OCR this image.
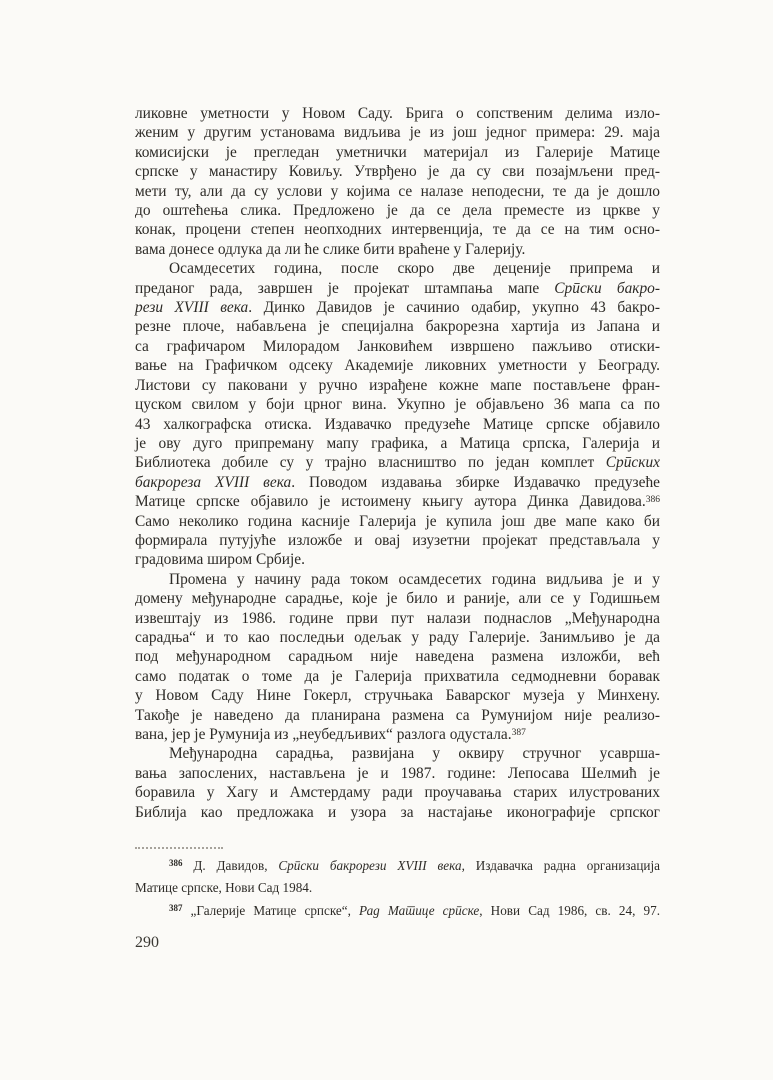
ликовне уметности у Новом Саду. Брига о сопственим делима изло-
женим у другим установама видљива је из још једног примера: 29. маја
комисијски је прегледан уметнички материјал из Галерије Матице
српске у манастиру Ковиљу. Утврђено је да су сви позајмљени пред-
мети ту, али да су услови у којима се налазе неподесни, те да је дошло
до оштећења слика. Предложено је да се дела преместе из цркве у
конак, процени степен неопходних интервенција, те да се на тим осно-
вама донесе одлука да ли ће слике бити враћене у Галерију.
Осамдесетих година, после скоро две деценије припрема и
преданог рада, завршен је пројекат штампања мапе Српски бакро-
рези XVIII века. Динко Давидов је сачинио одабир, укупно 43 бакро-
резне плоче, набављена је специјална бакрорезна хартија из Јапана и
са графичаром Милорадом Јанковићем извршено пажљиво отиски-
вање на Графичком одсеку Академије ликовних уметности у Београду.
Листови су паковани у ручно израђене кожне мапе постављене фран-
цуском свилом у боји црног вина. Укупно је објављено 36 мапа са по
43 халкографска отиска. Издавачко предузеће Матице српске објавило
је ову дуго припреману мапу графика, а Матица српска, Галерија и
Библиотека добиле су у трајно власништво по један комплет Српских
бакрореза XVIII века. Поводом издавања збирке Издавачко предузеће
Матице српске објавило је истоимену књигу аутора Динка Давидова.$^{386}$
Само неколико година касније Галерија је купила још две мапе како би
формирала путујуће изложбе и овај изузетни пројекат представљала у
градовима широм Србије.
Промена у начину рада током осамдесетих година видљива је и у
домену међународне сарадње, које је било и раније, али се у Годишњем
извештају из 1986. године први пут налази поднаслов „Међународна
сарадња“ и то као последњи одељак у раду Галерије. Занимљиво је да
под међународном сарадњом није наведена размена изложби, већ
само податак о томе да је Галерија прихватила седмодневни боравак
у Новом Саду Нине Гокерл, стручњака Баварског музеја у Минхену.
Такође је наведено да планирана размена са Румунијом није реализо-
вана, јер је Румунија из „неубедљивих“ разлога одустала.$^{387}$
Међународна сарадња, развијана у оквиру стручног усаврша-
вања запослених, настављена је и 1987. године: Лепосава Шелмић је
боравила у Хагу и Амстердаму ради проучавања старих илустрованих
Библија као предложака и узора за настајање иконографије српског
$^{386}$ Д. Давидов, Српски бакрорези XVIII века, Издавачка радна организација
Матице српске, Нови Сад 1984.
$^{387}$ „Галерије Матице српске“, Рад Матице српске, Нови Сад 1986, св. 24, 97.
290
